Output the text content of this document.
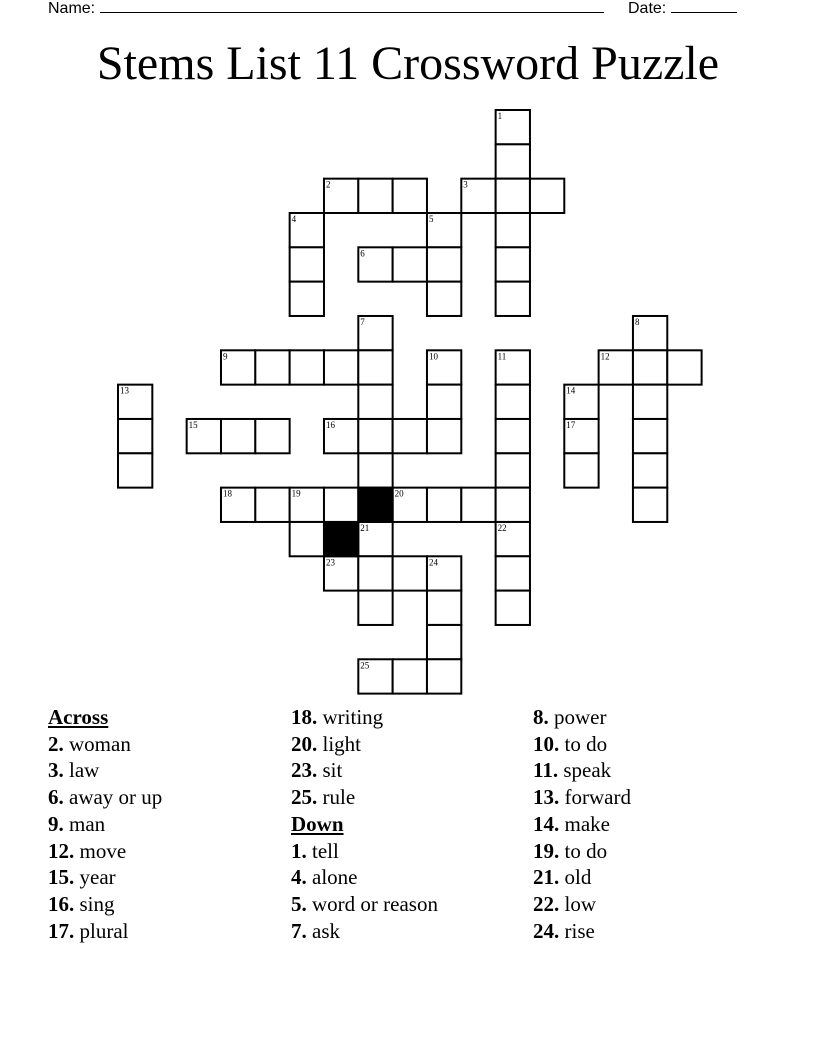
Name:	Date:
Stems List 11 Crossword Puzzle
1
2	3
4	5
6
7	8
9	10	11	12
13	14
15	16	17
18	19	20
21	22
23	24
25
Across
2. woman
3. law
6. away or up
9. man
12. move
15. year
16. sing
17. plural
18. writing
20. light
23. sit
25. rule
Down
1. tell
4. alone
5. word or reason
7. ask
8. power
10. to do
11. speak
13. forward
14. make
19. to do
21. old
22. low
24. rise
